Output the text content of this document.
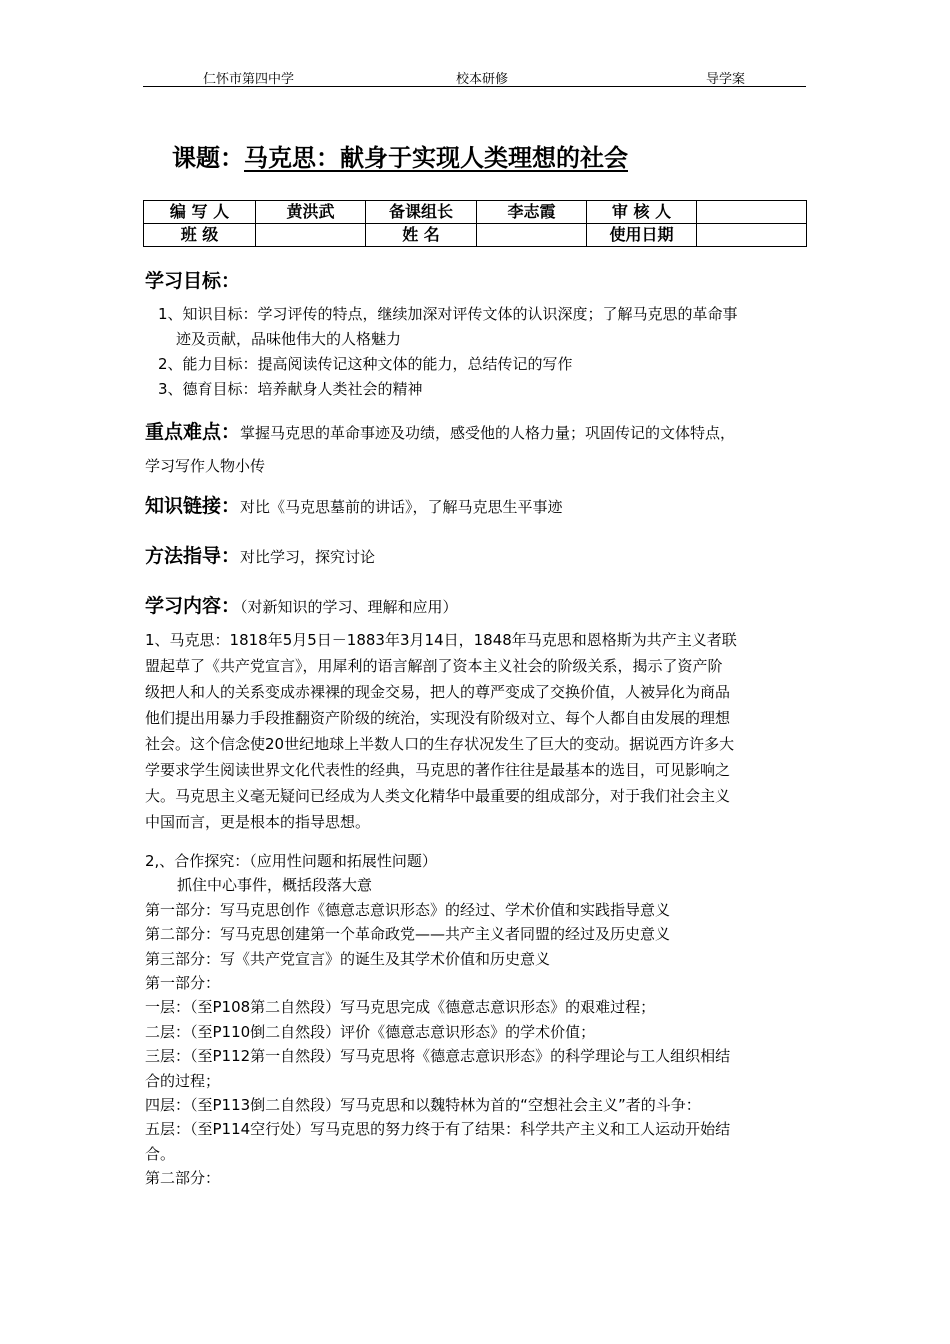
仁怀市第四中学	校本研修	导学案
课题：马克思：献身于实现人类理想的社会
编 写 人	黄洪武	备课组长	李志霞	审 核 人	
班 级		姓 名		使用日期	
学习目标：

1、知识目标：学习评传的特点，继续加深对评传文体的认识深度；了解马克思的革命事

迹及贡献，品味他伟大的人格魅力

2、能力目标：提高阅读传记这种文体的能力，总结传记的写作

3、德育目标：培养献身人类社会的精神

重点难点：掌握马克思的革命事迹及功绩，感受他的人格力量；巩固传记的文体特点，
学习写作人物小传
知识链接：对比《马克思墓前的讲话》，了解马克思生平事迹
方法指导：对比学习，探究讨论
学习内容：（对新知识的学习、理解和应用）

1、马克思：1818年5月5日－1883年3月14日，1848年马克思和恩格斯为共产主义者联

盟起草了《共产党宣言》，用犀利的语言解剖了资本主义社会的阶级关系，揭示了资产阶

级把人和人的关系变成赤裸裸的现金交易，把人的尊严变成了交换价值，人被异化为商品

他们提出用暴力手段推翻资产阶级的统治，实现没有阶级对立、每个人都自由发展的理想

社会。这个信念使20世纪地球上半数人口的生存状况发生了巨大的变动。据说西方许多大

学要求学生阅读世界文化代表性的经典，马克思的著作往往是最基本的选目，可见影响之

大。马克思主义毫无疑问已经成为人类文化精华中最重要的组成部分，对于我们社会主义

中国而言，更是根本的指导思想。

2,、合作探究：（应用性问题和拓展性问题）

抓住中心事件，概括段落大意

第一部分：写马克思创作《德意志意识形态》的经过、学术价值和实践指导意义

第二部分：写马克思创建第一个革命政党——共产主义者同盟的经过及历史意义

第三部分：写《共产党宣言》的诞生及其学术价值和历史意义

第一部分：

一层：（至P108第二自然段）写马克思完成《德意志意识形态》的艰难过程；

二层：（至P110倒二自然段）评价《德意志意识形态》的学术价值；

三层：（至P112第一自然段）写马克思将《德意志意识形态》的科学理论与工人组织相结

合的过程；

四层：（至P113倒二自然段）写马克思和以魏特林为首的“空想社会主义”者的斗争：

五层：（至P114空行处）写马克思的努力终于有了结果：科学共产主义和工人运动开始结

合。

第二部分：
